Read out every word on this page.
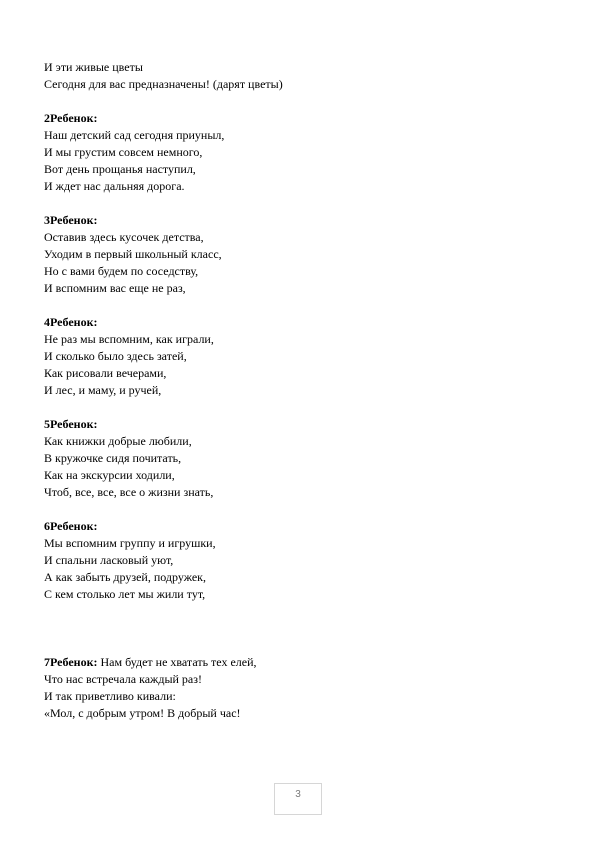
И эти живые цветы
Сегодня для вас предназначены! (дарят цветы)
2Ребенок:
Наш детский сад сегодня приуныл,
И мы грустим совсем немного,
Вот день прощанья наступил,
И ждет нас дальняя дорога.
3Ребенок:
Оставив здесь кусочек детства,
Уходим в первый школьный класс,
Но с вами будем по соседству,
И вспомним вас еще не раз,
4Ребенок:
Не раз мы вспомним, как играли,
И сколько было здесь затей,
Как рисовали вечерами,
И лес, и маму, и ручей,
5Ребенок:
Как книжки добрые любили,
В кружочке сидя почитать,
Как на экскурсии ходили,
Чтоб, все, все, все о жизни знать,
6Ребенок:
Мы вспомним группу и игрушки,
И спальни ласковый уют,
А как забыть друзей, подружек,
С кем столько лет мы жили тут,
7Ребенок: Нам будет не хватать тех елей,
Что нас встречала каждый раз!
И так приветливо кивали:
«Мол, с добрым утром! В добрый час!
3
